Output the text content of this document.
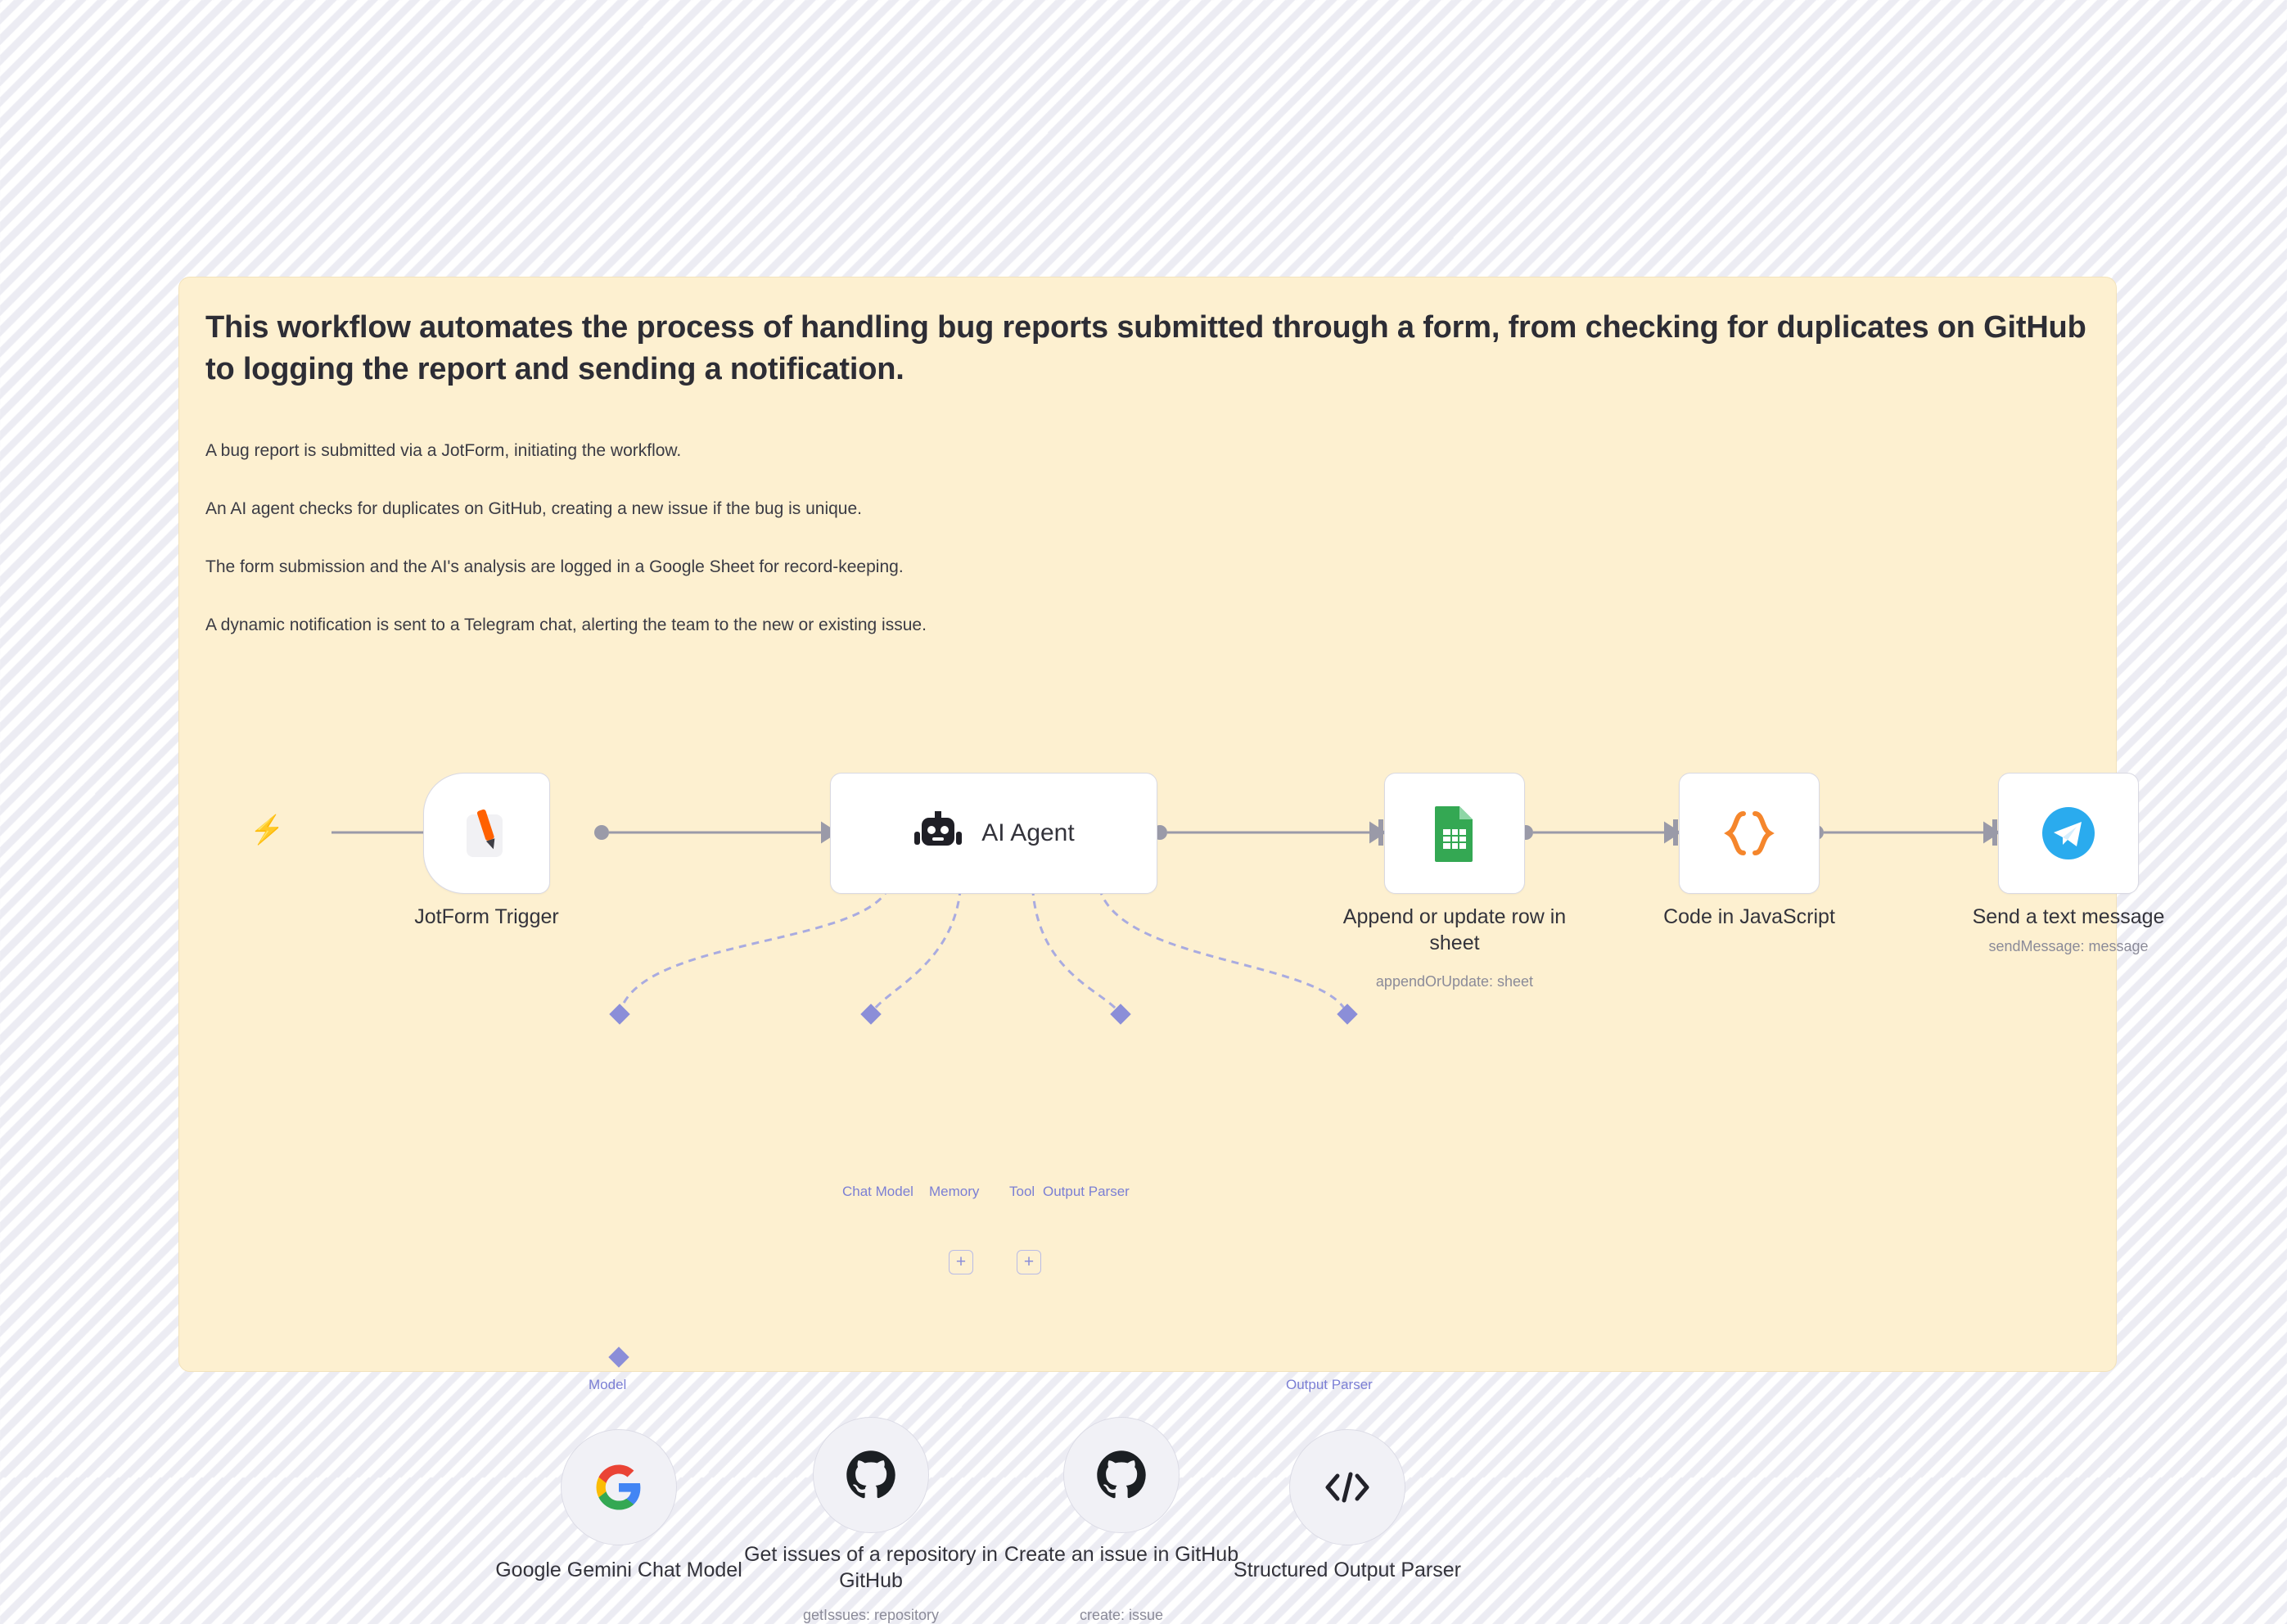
This workflow automates the process of handling bug reports submitted through a form, from checking for duplicates on GitHub to logging the report and sending a notification.

A bug report is submitted via a JotForm, initiating the workflow.

An AI agent checks for duplicates on GitHub, creating a new issue if the bug is unique.

The form submission and the AI's analysis are logged in a Google Sheet for record-keeping.

A dynamic notification is sent to a Telegram chat, alerting the team to the new or existing issue.

⚡
JotForm Trigger
AI Agent
Chat Model Memory Tool Output Parser
Model	Output Parser
+	+
Append or update row in sheet
appendOrUpdate: sheet
Code in JavaScript	Send a text message
sendMessage: message
Google Gemini Chat Model
Get issues of a repository in GitHub
getIssues: repository
Create an issue in GitHub
create: issue
Structured Output Parser
